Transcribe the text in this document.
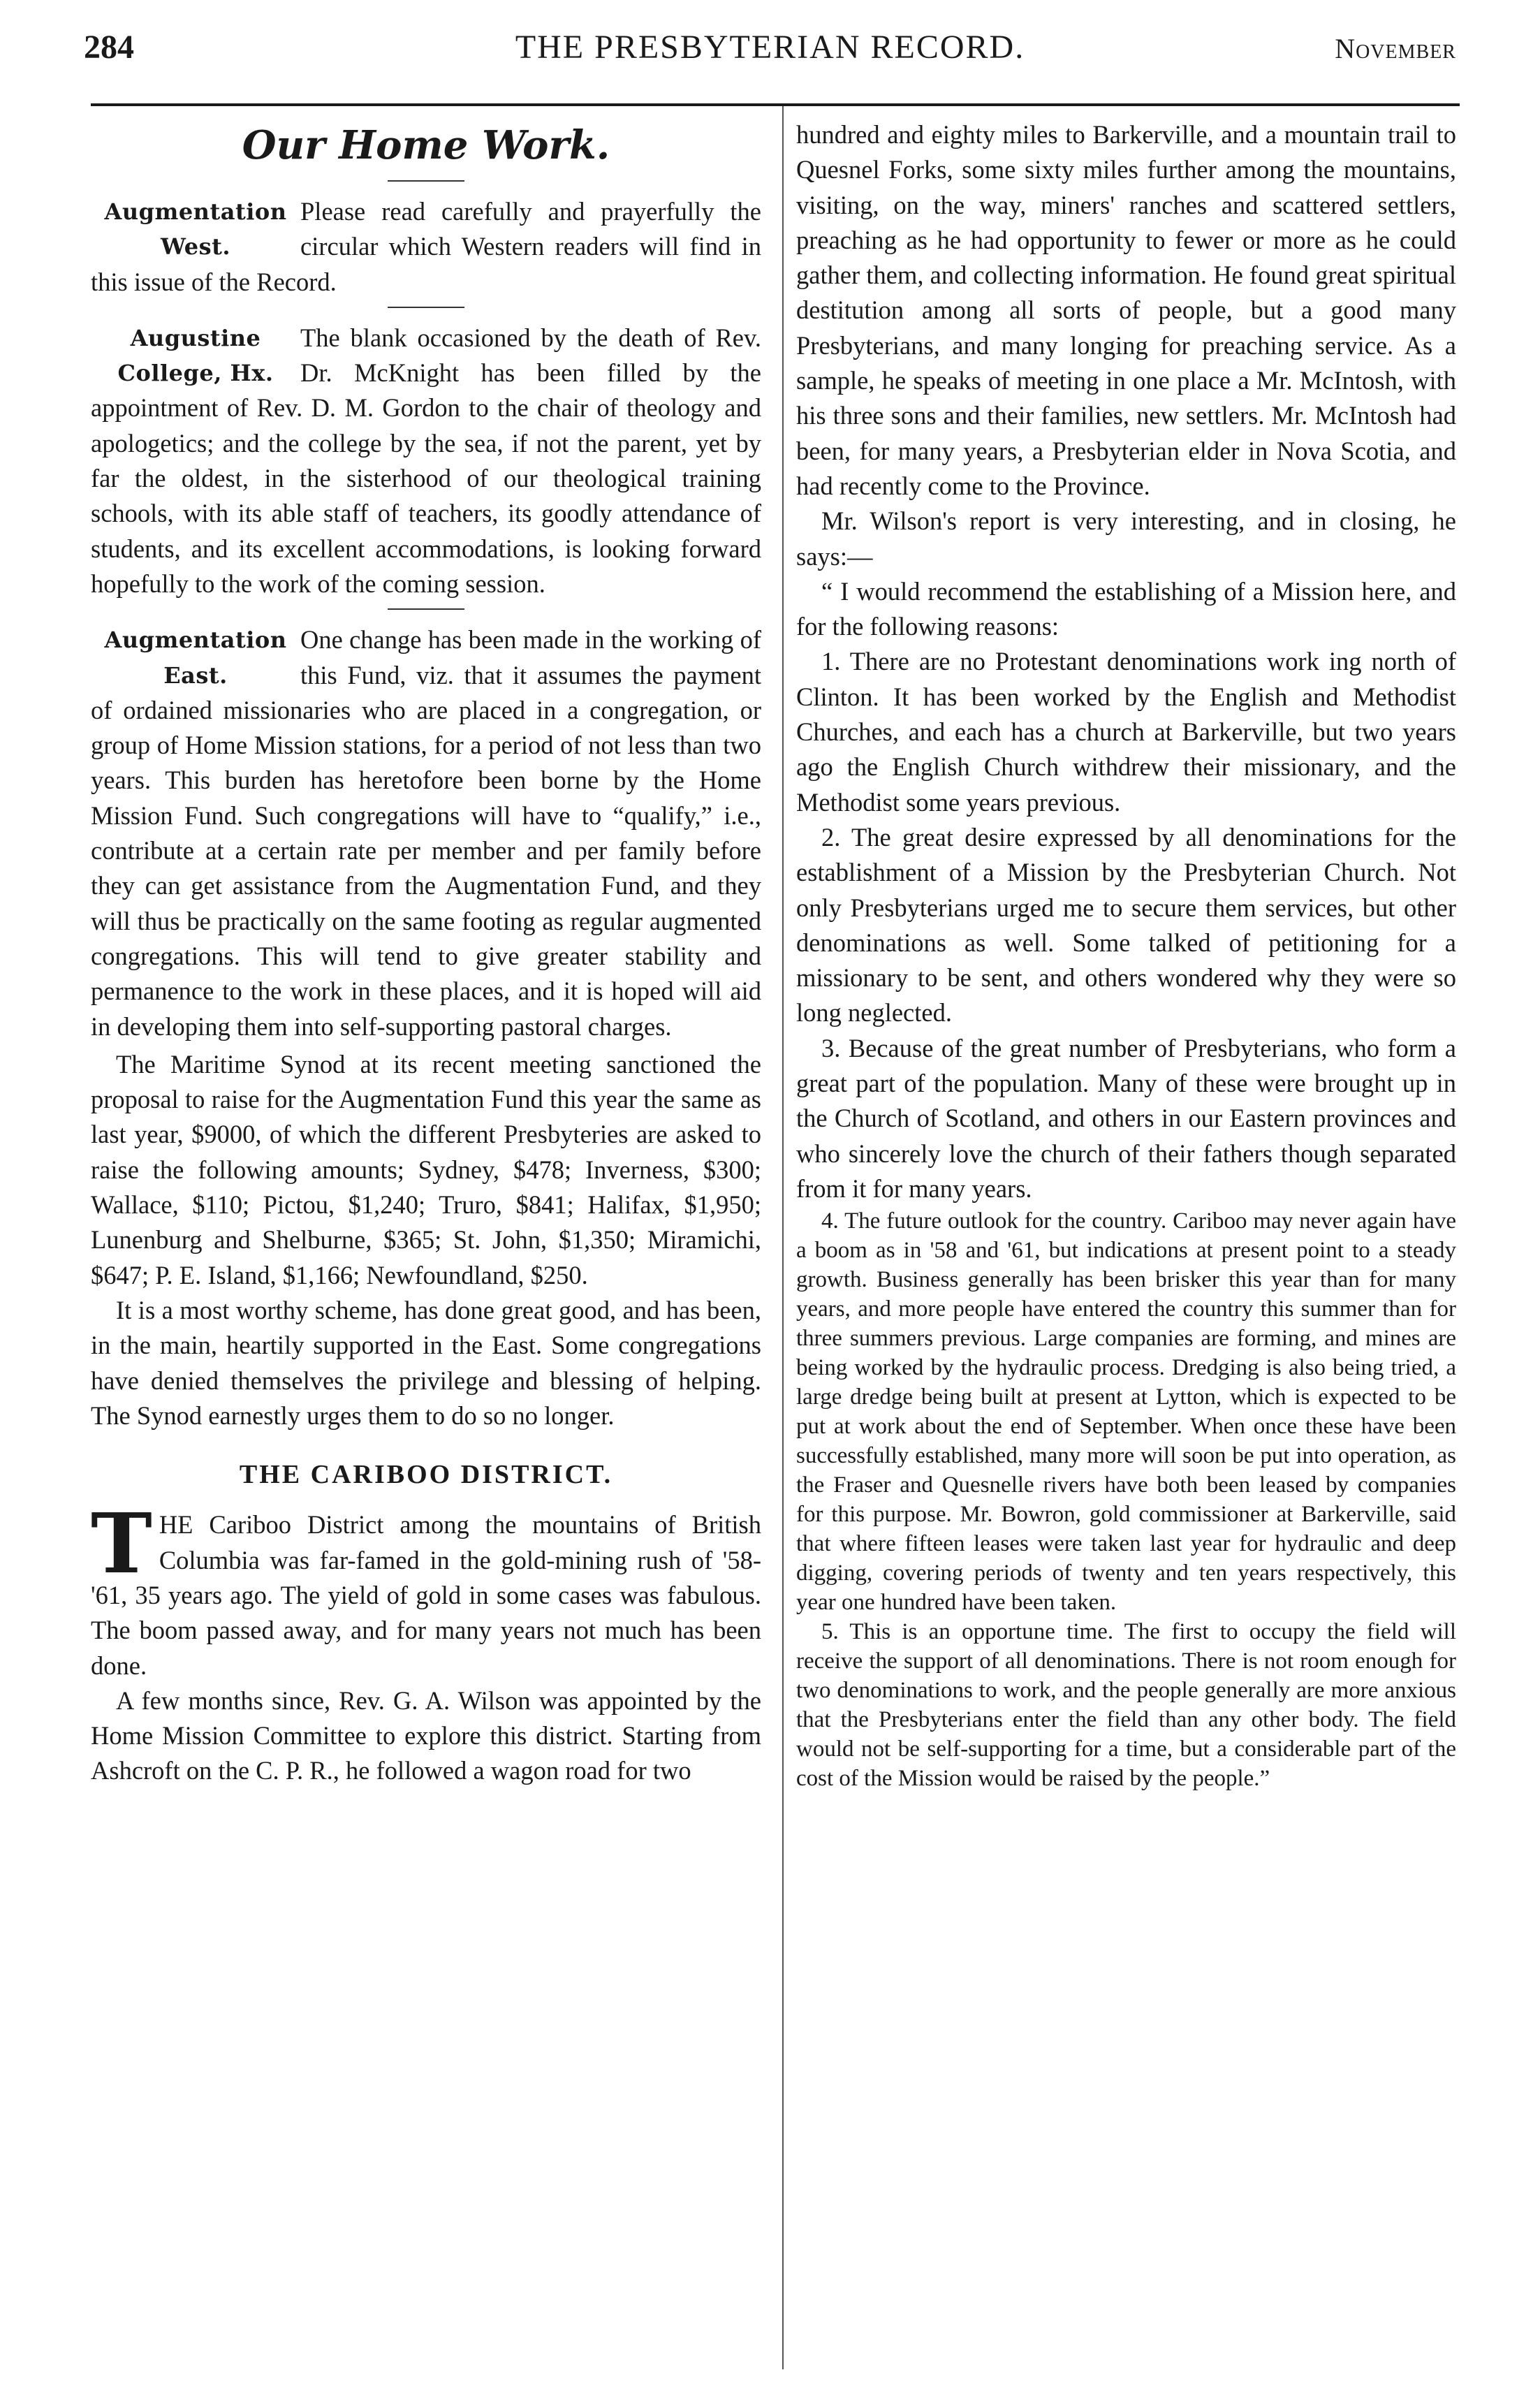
284	THE PRESBYTERIAN RECORD.	November
Our Home Work.
Augmentation
West.

Please read carefully and prayerfully the circular which Western readers will find in this issue of the Record.

Augustine
College, Hx.

The blank occasioned by the death of Rev. Dr. McKnight has been filled by the appointment of Rev. D. M. Gordon to the chair of theology and apologetics; and the college by the sea, if not the parent, yet by far the oldest, in the sisterhood of our theological training schools, with its able staff of teachers, its goodly attendance of students, and its excellent accommodations, is looking forward hopefully to the work of the coming session.

Augmentation
East.

One change has been made in the working of this Fund, viz. that it assumes the payment of ordained missionaries who are placed in a congregation, or group of Home Mission stations, for a period of not less than two years. This burden has heretofore been borne by the Home Mission Fund. Such congregations will have to “qualify,” i.e., contribute at a certain rate per member and per family before they can get assistance from the Augmentation Fund, and they will thus be practically on the same footing as regular augmented congregations. This will tend to give greater stability and permanence to the work in these places, and it is hoped will aid in developing them into self-supporting pastoral charges.

The Maritime Synod at its recent meeting sanctioned the proposal to raise for the Augmentation Fund this year the same as last year, $9000, of which the different Presbyteries are asked to raise the following amounts; Sydney, $478; Inverness, $300; Wallace, $110; Pictou, $1,240; Truro, $841; Halifax, $1,950; Lunenburg and Shelburne, $365; St. John, $1,350; Miramichi, $647; P. E. Island, $1,166; Newfoundland, $250.

It is a most worthy scheme, has done great good, and has been, in the main, heartily supported in the East. Some congregations have denied themselves the privilege and blessing of helping. The Synod earnestly urges them to do so no longer.

THE CARIBOO DISTRICT.

THE Cariboo District among the mountains of British Columbia was far-famed in the gold-mining rush of '58-'61, 35 years ago. The yield of gold in some cases was fabulous. The boom passed away, and for many years not much has been done.

A few months since, Rev. G. A. Wilson was appointed by the Home Mission Committee to explore this district. Starting from Ashcroft on the C. P. R., he followed a wagon road for two

hundred and eighty miles to Barkerville, and a mountain trail to Quesnel Forks, some sixty miles further among the mountains, visiting, on the way, miners' ranches and scattered settlers, preaching as he had opportunity to fewer or more as he could gather them, and collecting information. He found great spiritual destitution among all sorts of people, but a good many Presbyterians, and many longing for preaching service. As a sample, he speaks of meeting in one place a Mr. McIntosh, with his three sons and their families, new settlers. Mr. McIntosh had been, for many years, a Presbyterian elder in Nova Scotia, and had recently come to the Province.

Mr. Wilson's report is very interesting, and in closing, he says:—

“ I would recommend the establishing of a Mission here, and for the following reasons:

1. There are no Protestant denominations work ing north of Clinton. It has been worked by the English and Methodist Churches, and each has a church at Barkerville, but two years ago the English Church withdrew their missionary, and the Methodist some years previous.

2. The great desire expressed by all denominations for the establishment of a Mission by the Presbyterian Church. Not only Presbyterians urged me to secure them services, but other denominations as well. Some talked of petitioning for a missionary to be sent, and others wondered why they were so long neglected.

3. Because of the great number of Presbyterians, who form a great part of the population. Many of these were brought up in the Church of Scotland, and others in our Eastern provinces and who sincerely love the church of their fathers though separated from it for many years.

4. The future outlook for the country. Cariboo may never again have a boom as in '58 and '61, but indications at present point to a steady growth. Business generally has been brisker this year than for many years, and more people have entered the country this summer than for three summers previous. Large companies are forming, and mines are being worked by the hydraulic process. Dredging is also being tried, a large dredge being built at present at Lytton, which is expected to be put at work about the end of September. When once these have been successfully established, many more will soon be put into operation, as the Fraser and Quesnelle rivers have both been leased by companies for this purpose. Mr. Bowron, gold commissioner at Barkerville, said that where fifteen leases were taken last year for hydraulic and deep digging, covering periods of twenty and ten years respectively, this year one hundred have been taken.

5. This is an opportune time. The first to occupy the field will receive the support of all denominations. There is not room enough for two denominations to work, and the people generally are more anxious that the Presbyterians enter the field than any other body. The field would not be self-supporting for a time, but a considerable part of the cost of the Mission would be raised by the people.”
